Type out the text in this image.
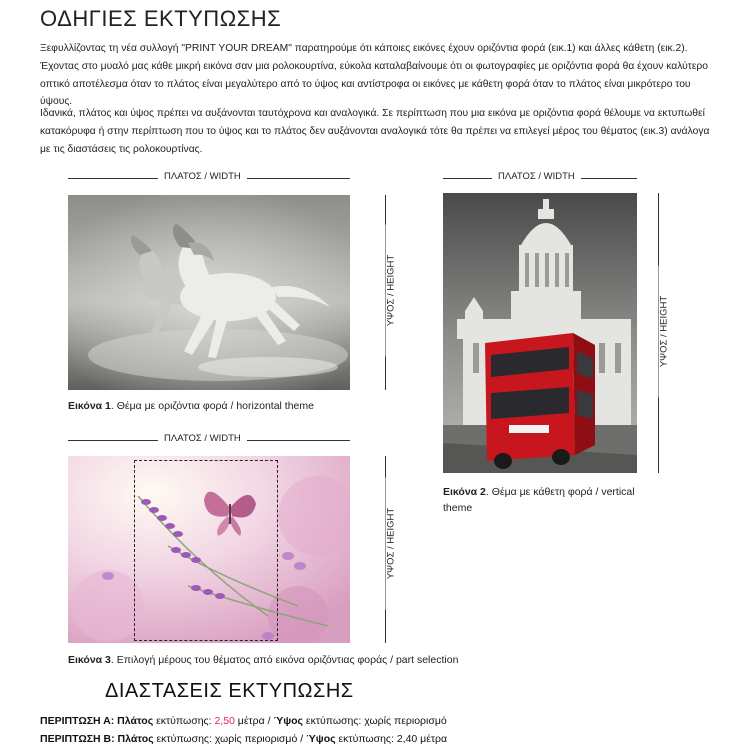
ΟΔΗΓΙΕΣ ΕΚΤΥΠΩΣΗΣ
Ξεφυλλίζοντας τη νέα συλλογή "PRINT YOUR DREAM" παρατηρούμε ότι κάποιες εικόνες έχουν οριζόντια φορά (εικ.1) και άλλες κάθετη (εικ.2). Έχοντας στο μυαλό μας κάθε μικρή εικόνα σαν μια ρολοκουρτίνα, εύκολα καταλαβαίνουμε ότι οι φωτογραφίες με οριζόντια φορά θα έχουν καλύτερο οπτικό αποτέλεσμα όταν το πλάτος είναι μεγαλύτερο από το ύψος και αντίστροφα οι εικόνες με κάθετη φορά όταν το πλάτος είναι μικρότερο του ύψους.
Ιδανικά, πλάτος και ύψος πρέπει να αυξάνονται ταυτόχρονα και αναλογικά. Σε περίπτωση που μια εικόνα με οριζόντια φορά θέλουμε να εκτυπωθεί κατακόρυφα ή στην περίπτωση που το ύψος και το πλάτος δεν αυξάνονται αναλογικά τότε θα πρέπει να επιλεγεί μέρος του θέματος (εικ.3) ανάλογα με τις διαστάσεις τις ρολοκουρτίνας.
ΠΛΑΤΟΣ / WIDTH
ΥΨΟΣ / HEIGHT
Εικόνα 1. Θέμα με οριζόντια φορά / horizontal theme
ΠΛΑΤΟΣ / WIDTH
ΥΨΟΣ / HEIGHT
Εικόνα 2. Θέμα με κάθετη φορά / vertical theme
ΠΛΑΤΟΣ / WIDTH
ΥΨΟΣ / HEIGHT
Εικόνα 3. Επιλογή μέρους του θέματος από εικόνα οριζόντιας φοράς / part selection
ΔΙΑΣΤΑΣΕΙΣ ΕΚΤΥΠΩΣΗΣ
ΠΕΡΙΠΤΩΣΗ Α: Πλάτος εκτύπωσης: 2,50 μέτρα / Ύψος εκτύπωσης: χωρίς περιορισμό
ΠΕΡΙΠΤΩΣΗ Β: Πλάτος εκτύπωσης: χωρίς περιορισμό / Ύψος εκτύπωσης: 2,40 μέτρα
